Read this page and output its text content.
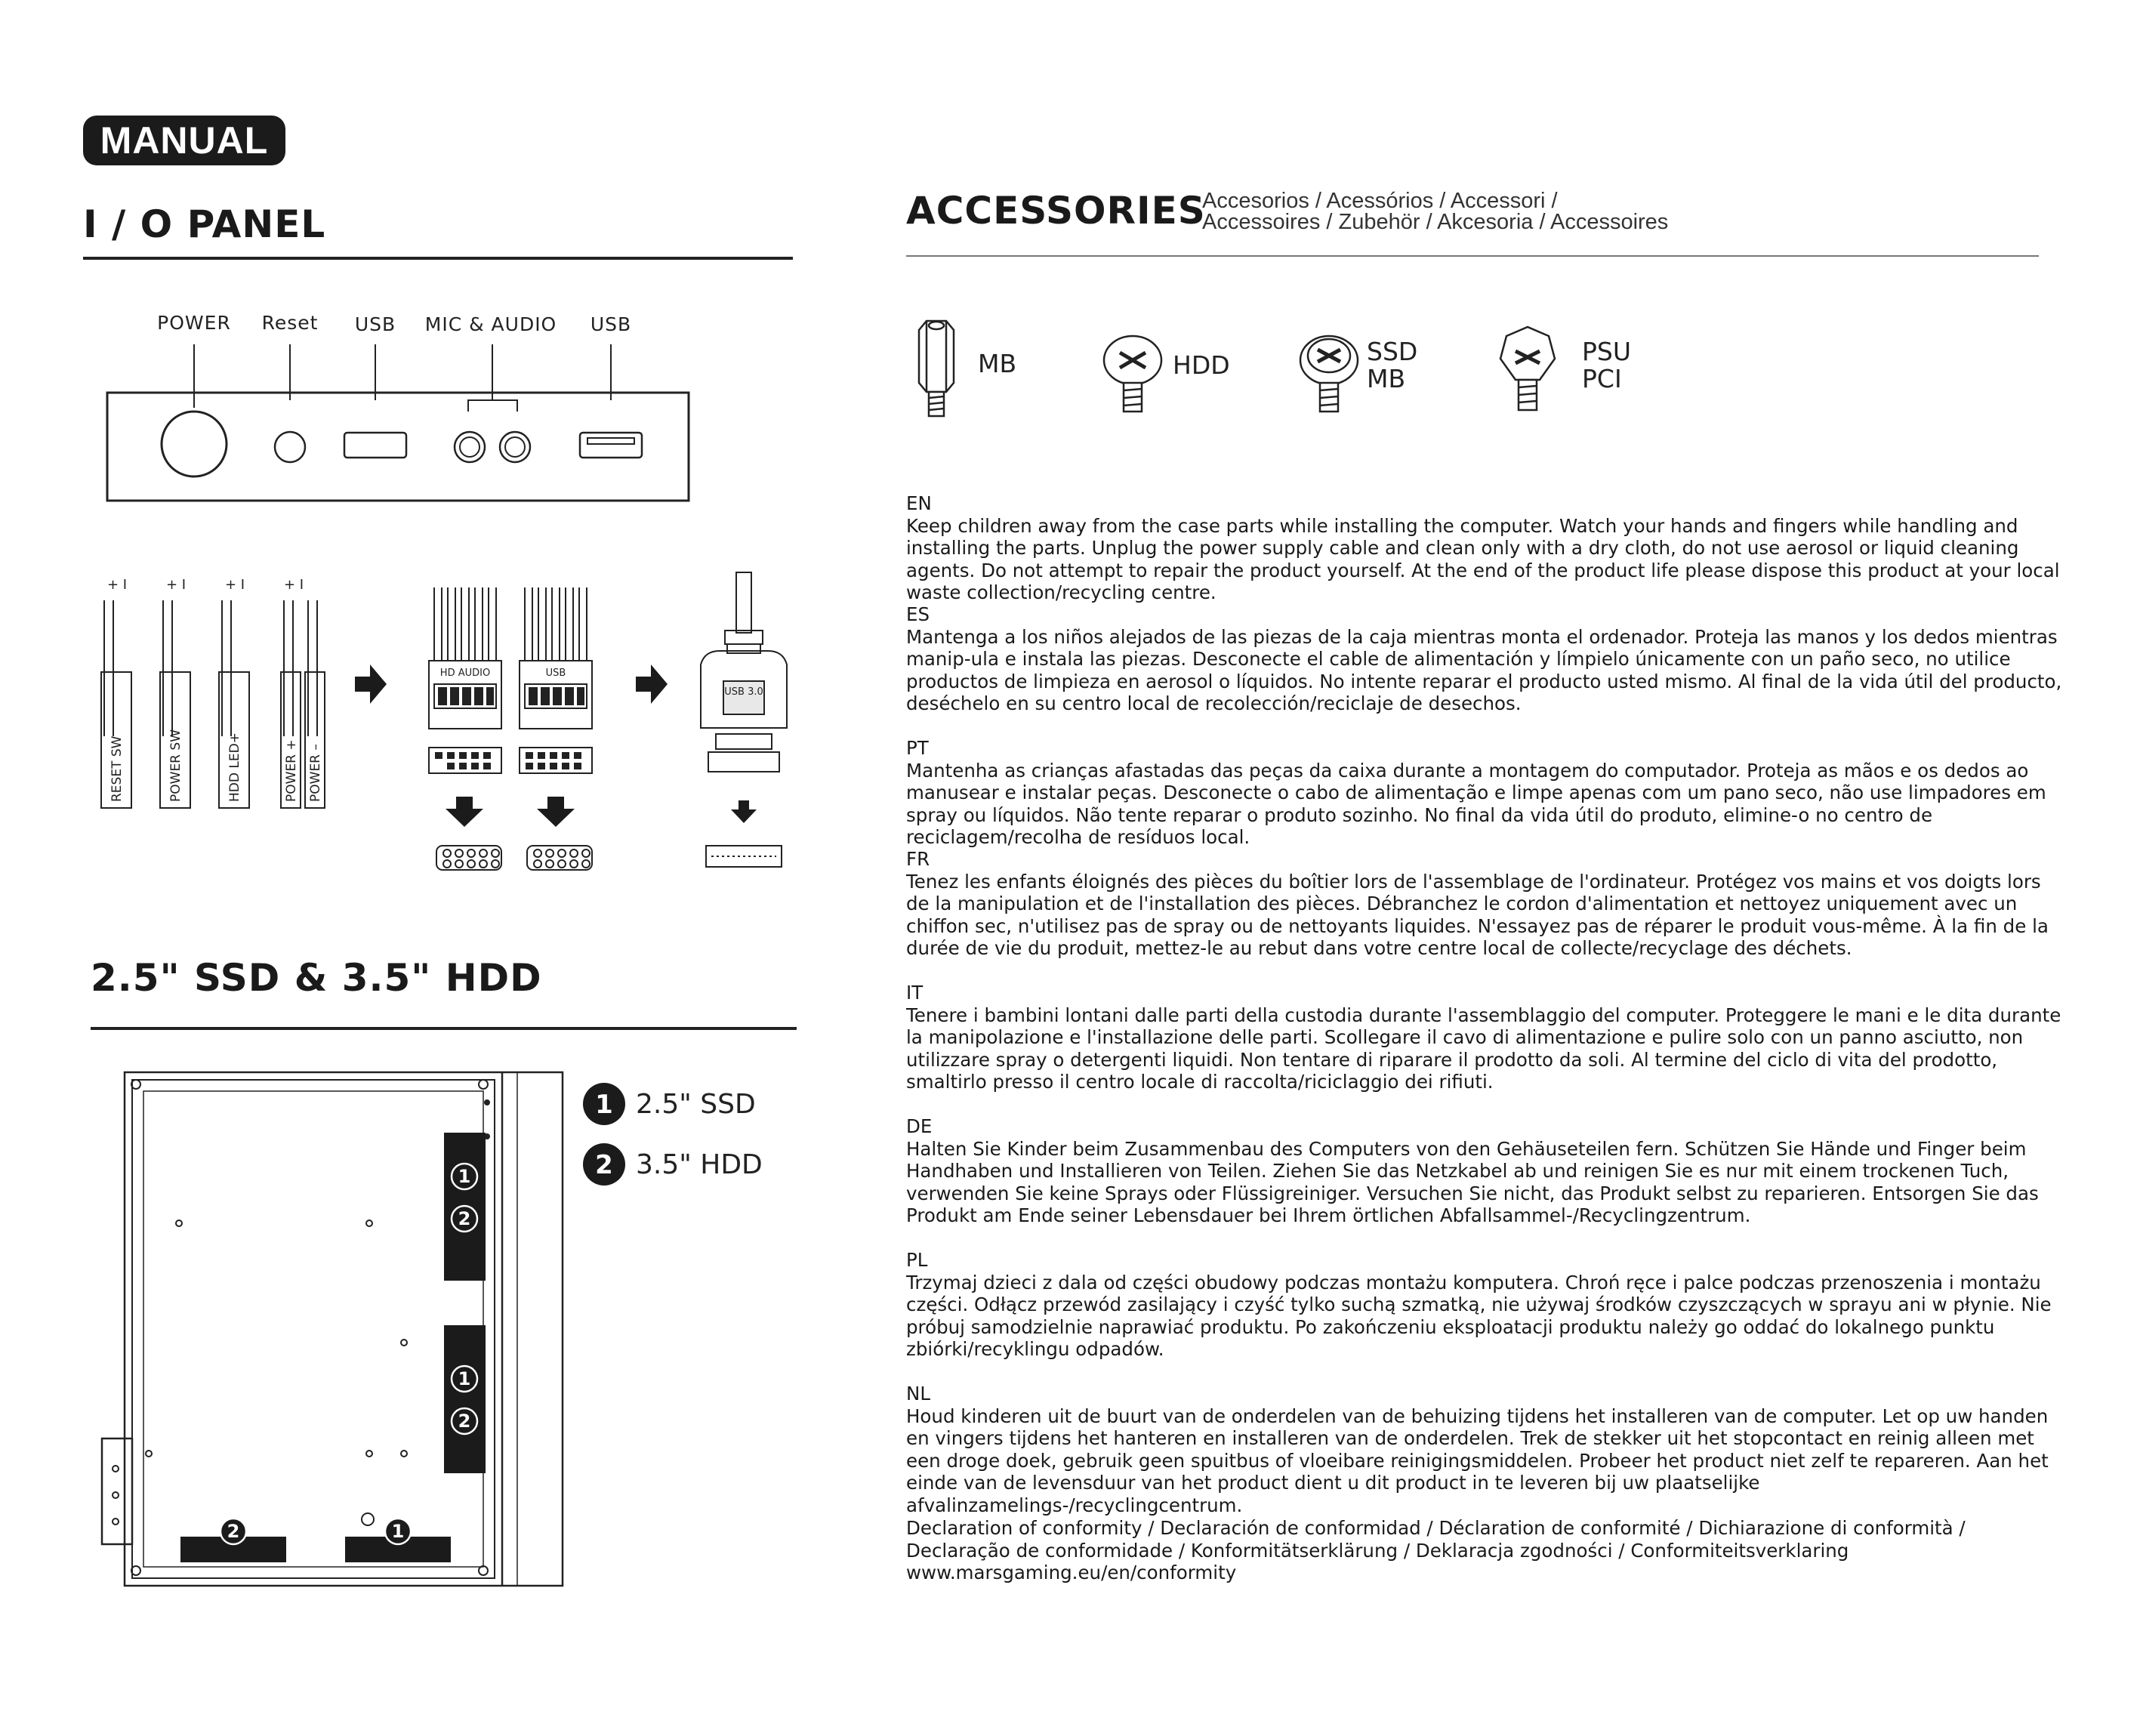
MANUAL
I / O PANEL
POWER Reset USB MIC & AUDIO USB
+ I	+ I	+ I	+ I
RESET SW	POWER SW	HDD LED+	POWER + POWER –
HD AUDIO	USB
USB 3.0
2.5" SSD & 3.5" HDD
1
2
1
2
2	1
1
2
2.5" SSD
3.5" HDD
ACCESSORIES
Accesorios / Acessórios / Accessori /
Accessoires / Zubehör / Akcesoria / Accessoires
MB	HDD	SSD
MB
PSU
PCI
EN

Keep children away from the case parts while installing the computer. Watch your hands and fingers while handling and installing the parts. Unplug the power supply cable and clean only with a dry cloth, do not use aerosol or liquid cleaning agents. Do not attempt to repair the product yourself. At the end of the product life please dispose this product at your local waste collection/recycling centre.

ES

Mantenga a los niños alejados de las piezas de la caja mientras monta el ordenador. Proteja las manos y los dedos mientras manip-ula e instala las piezas. Desconecte el cable de alimentación y límpielo únicamente con un paño seco, no utilice productos de limpieza en aerosol o líquidos. No intente reparar el producto usted mismo. Al final de la vida útil del producto, deséchelo en su centro local de recolección/reciclaje de desechos.

PT

Mantenha as crianças afastadas das peças da caixa durante a montagem do computador. Proteja as mãos e os dedos ao manusear e instalar peças. Desconecte o cabo de alimentação e limpe apenas com um pano seco, não use limpadores em spray ou líquidos. Não tente reparar o produto sozinho. No final da vida útil do produto, elimine-o no centro de reciclagem/recolha de resíduos local.

FR

Tenez les enfants éloignés des pièces du boîtier lors de l'assemblage de l'ordinateur. Protégez vos mains et vos doigts lors de la manipulation et de l'installation des pièces. Débranchez le cordon d'alimentation et nettoyez uniquement avec un chiffon sec, n'utilisez pas de spray ou de nettoyants liquides. N'essayez pas de réparer le produit vous-même. À la fin de la durée de vie du produit, mettez-le au rebut dans votre centre local de collecte/recyclage des déchets.

IT

Tenere i bambini lontani dalle parti della custodia durante l'assemblaggio del computer. Proteggere le mani e le dita durante la manipolazione e l'installazione delle parti. Scollegare il cavo di alimentazione e pulire solo con un panno asciutto, non utilizzare spray o detergenti liquidi. Non tentare di riparare il prodotto da soli. Al termine del ciclo di vita del prodotto, smaltirlo presso il centro locale di raccolta/riciclaggio dei rifiuti.

DE

Halten Sie Kinder beim Zusammenbau des Computers von den Gehäuseteilen fern. Schützen Sie Hände und Finger beim Handhaben und Installieren von Teilen. Ziehen Sie das Netzkabel ab und reinigen Sie es nur mit einem trockenen Tuch, verwenden Sie keine Sprays oder Flüssigreiniger. Versuchen Sie nicht, das Produkt selbst zu reparieren. Entsorgen Sie das Produkt am Ende seiner Lebensdauer bei Ihrem örtlichen Abfallsammel-/Recyclingzentrum.

PL

Trzymaj dzieci z dala od części obudowy podczas montażu komputera. Chroń ręce i palce podczas przenoszenia i montażu części. Odłącz przewód zasilający i czyść tylko suchą szmatką, nie używaj środków czyszczących w sprayu ani w płynie. Nie próbuj samodzielnie naprawiać produktu. Po zakończeniu eksploatacji produktu należy go oddać do lokalnego punktu zbiórki/recyklingu odpadów.

NL

Houd kinderen uit de buurt van de onderdelen van de behuizing tijdens het installeren van de computer. Let op uw handen en vingers tijdens het hanteren en installeren van de onderdelen. Trek de stekker uit het stopcontact en reinig alleen met een droge doek, gebruik geen spuitbus of vloeibare reinigingsmiddelen. Probeer het product niet zelf te repareren. Aan het einde van de levensduur van het product dient u dit product in te leveren bij uw plaatselijke afvalinzamelings-/recyclingcentrum.

Declaration of conformity / Declaración de conformidad / Déclaration de conformité / Dichiarazione di conformità / Declaração de conformidade / Konformitätserklärung / Deklaracja zgodności / Conformiteitsverklaring www.marsgaming.eu/en/conformity
